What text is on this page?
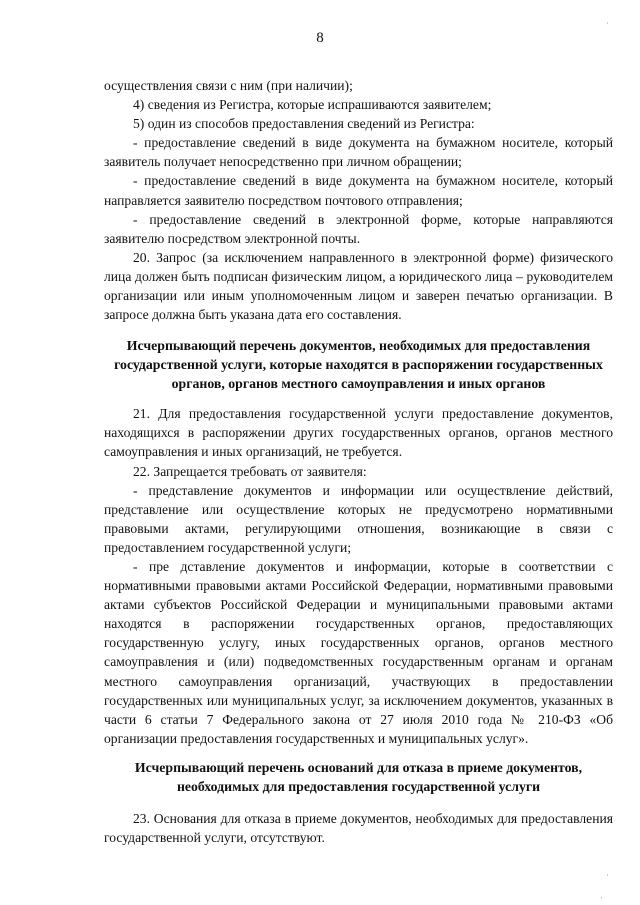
8
·
·
·

осуществления связи с ним (при наличии);

4) сведения из Регистра, которые испрашиваются заявителем;

5) один из способов предоставления сведений из Регистра:

- предоставление сведений в виде документа на бумажном носителе, который заявитель получает непосредственно при личном обращении;

- предоставление сведений в виде документа на бумажном носителе, который направляется заявителю посредством почтового отправления;

- предоставление сведений в электронной форме, которые направляются заявителю посредством электронной почты.

20. Запрос (за исключением направленного в электронной форме) физического лица должен быть подписан физическим лицом, а юридического лица – руководителем организации или иным уполномоченным лицом и заверен печатью организации. В запросе должна быть указана дата его составления.

Исчерпывающий перечень документов, необходимых для предоставления государственной услуги, которые находятся в распоряжении государственных органов, органов местного самоуправления и иных органов

21. Для предоставления государственной услуги предоставление документов, находящихся в распоряжении других государственных органов, органов местного самоуправления и иных организаций, не требуется.

22. Запрещается требовать от заявителя:

- представление документов и информации или осуществление действий, представление или осуществление которых не предусмотрено нормативными правовыми актами, регулирующими отношения, возникающие в связи с предоставлением государственной услуги;

- пре дставление документов и информации, которые в соответствии с нормативными правовыми актами Российской Федерации, нормативными правовыми актами субъектов Российской Федерации и муниципальными правовыми актами находятся в распоряжении государственных органов, предоставляющих государственную услугу, иных государственных органов, органов местного самоуправления и (или) подведомственных государственным органам и органам местного самоуправления организаций, участвующих в предоставлении государственных или муниципальных услуг, за исключением документов, указанных в части 6 статьи 7 Федерального закона от 27 июля 2010 года № 210-ФЗ «Об организации предоставления государственных и муниципальных услуг».

Исчерпывающий перечень оснований для отказа в приеме документов, необходимых для предоставления государственной услуги

23. Основания для отказа в приеме документов, необходимых для предоставления государственной услуги, отсутствуют.
